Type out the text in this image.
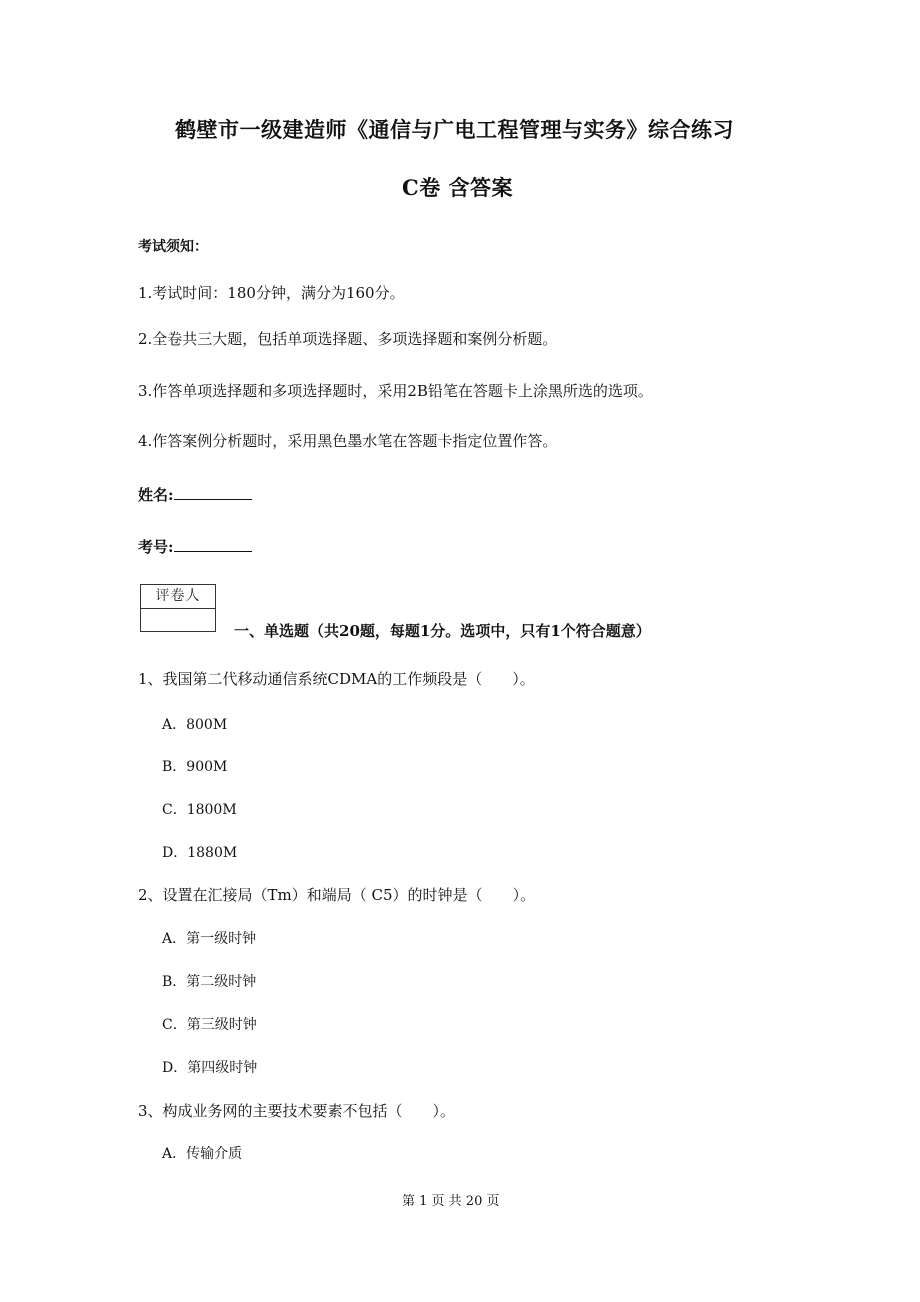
鹤壁市一级建造师《通信与广电工程管理与实务》综合练习
C卷 含答案
考试须知：
1.考试时间：180分钟，满分为160分。
2.全卷共三大题，包括单项选择题、多项选择题和案例分析题。
3.作答单项选择题和多项选择题时，采用2B铅笔在答题卡上涂黑所选的选项。
4.作答案例分析题时，采用黑色墨水笔在答题卡指定位置作答。
姓名:
考号:
评卷人
一、单选题（共20题，每题1分。选项中，只有1个符合题意）
1、我国第二代移动通信系统CDMA的工作频段是（　　）。
A．800M
B．900M
C．1800M
D．1880M
2、设置在汇接局（Tm）和端局（ C5）的时钟是（　　）。
A．第一级时钟
B．第二级时钟
C．第三级时钟
D．第四级时钟
3、构成业务网的主要技术要素不包括（　　）。
A．传输介质
第 1 页 共 20 页
